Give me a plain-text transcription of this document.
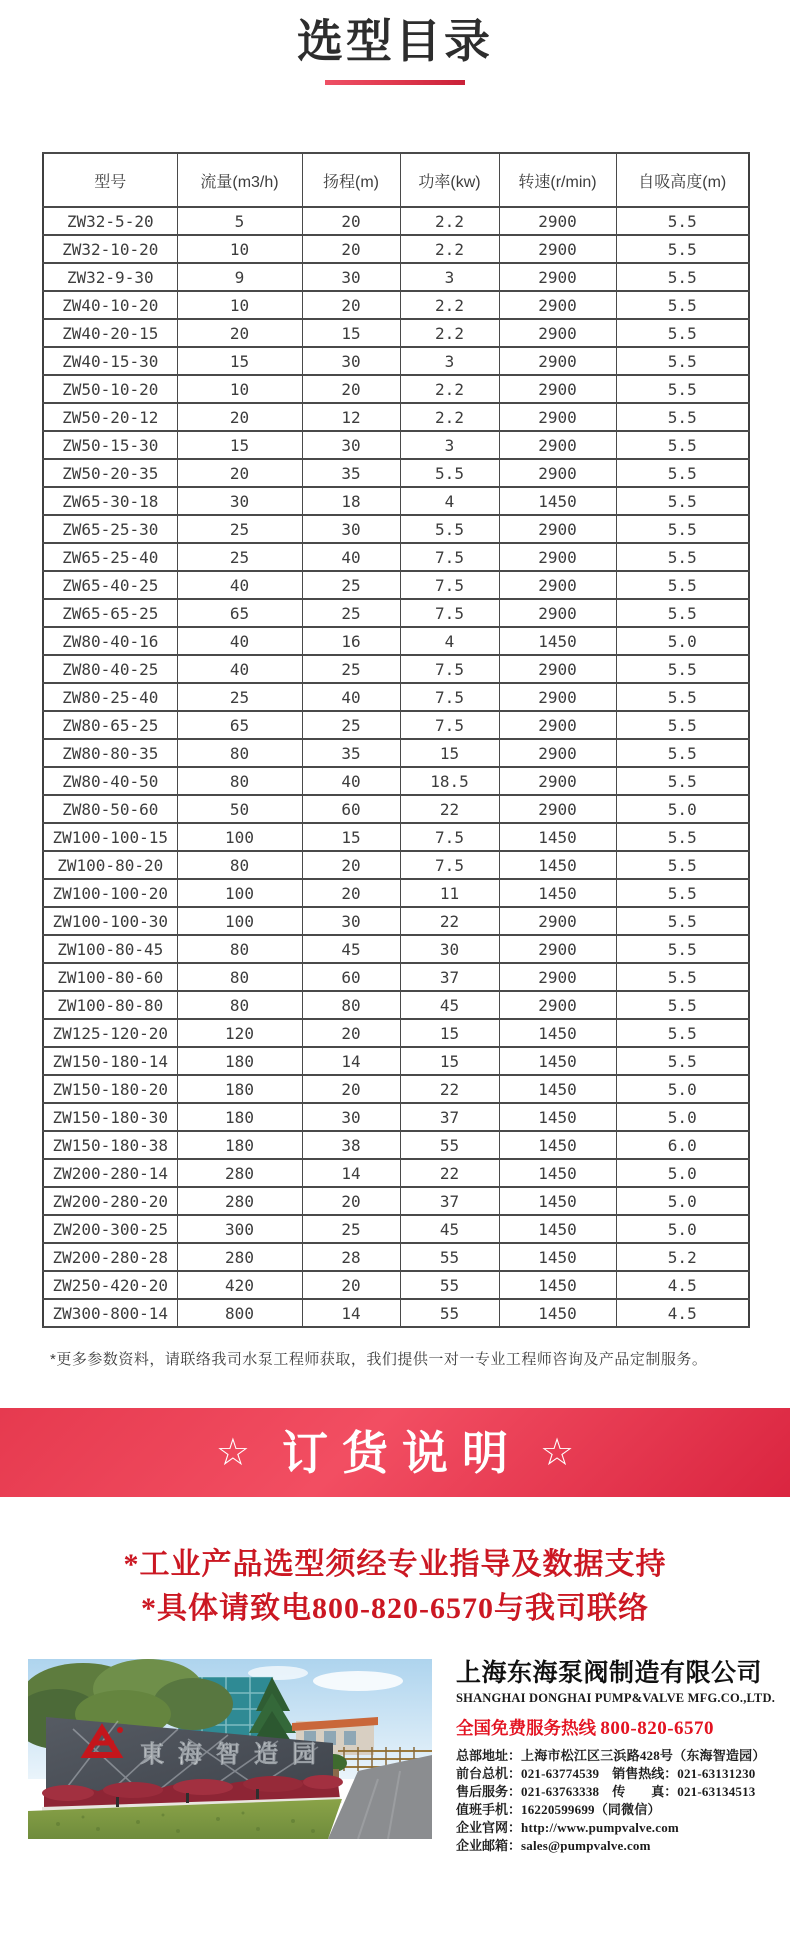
选型目录
型号	流量(m3/h)	扬程(m)	功率(kw)	转速(r/min)	自吸高度(m)
ZW32-5-20	5	20	2.2	2900	5.5
ZW32-10-20	10	20	2.2	2900	5.5
ZW32-9-30	9	30	3	2900	5.5
ZW40-10-20	10	20	2.2	2900	5.5
ZW40-20-15	20	15	2.2	2900	5.5
ZW40-15-30	15	30	3	2900	5.5
ZW50-10-20	10	20	2.2	2900	5.5
ZW50-20-12	20	12	2.2	2900	5.5
ZW50-15-30	15	30	3	2900	5.5
ZW50-20-35	20	35	5.5	2900	5.5
ZW65-30-18	30	18	4	1450	5.5
ZW65-25-30	25	30	5.5	2900	5.5
ZW65-25-40	25	40	7.5	2900	5.5
ZW65-40-25	40	25	7.5	2900	5.5
ZW65-65-25	65	25	7.5	2900	5.5
ZW80-40-16	40	16	4	1450	5.0
ZW80-40-25	40	25	7.5	2900	5.5
ZW80-25-40	25	40	7.5	2900	5.5
ZW80-65-25	65	25	7.5	2900	5.5
ZW80-80-35	80	35	15	2900	5.5
ZW80-40-50	80	40	18.5	2900	5.5
ZW80-50-60	50	60	22	2900	5.0
ZW100-100-15	100	15	7.5	1450	5.5
ZW100-80-20	80	20	7.5	1450	5.5
ZW100-100-20	100	20	11	1450	5.5
ZW100-100-30	100	30	22	2900	5.5
ZW100-80-45	80	45	30	2900	5.5
ZW100-80-60	80	60	37	2900	5.5
ZW100-80-80	80	80	45	2900	5.5
ZW125-120-20	120	20	15	1450	5.5
ZW150-180-14	180	14	15	1450	5.5
ZW150-180-20	180	20	22	1450	5.0
ZW150-180-30	180	30	37	1450	5.0
ZW150-180-38	180	38	55	1450	6.0
ZW200-280-14	280	14	22	1450	5.0
ZW200-280-20	280	20	37	1450	5.0
ZW200-300-25	300	25	45	1450	5.0
ZW200-280-28	280	28	55	1450	5.2
ZW250-420-20	420	20	55	1450	4.5
ZW300-800-14	800	14	55	1450	4.5
*更多参数资料，请联络我司水泵工程师获取，我们提供一对一专业工程师咨询及产品定制服务。
☆ 订货说明 ☆
*工业产品选型须经专业指导及数据支持
*具体请致电800-820-6570与我司联络
東海智造园
上海东海泵阀制造有限公司
SHANGHAI DONGHAI PUMP&VALVE MFG.CO.,LTD.
全国免费服务热线 800-820-6570
总部地址：上海市松江区三浜路428号（东海智造园）
前台总机：021-63774539　销售热线：021-63131230
售后服务：021-63763338　传　　真：021-63134513
值班手机：16220599699（同微信）
企业官网：http://www.pumpvalve.com
企业邮箱：sales@pumpvalve.com
